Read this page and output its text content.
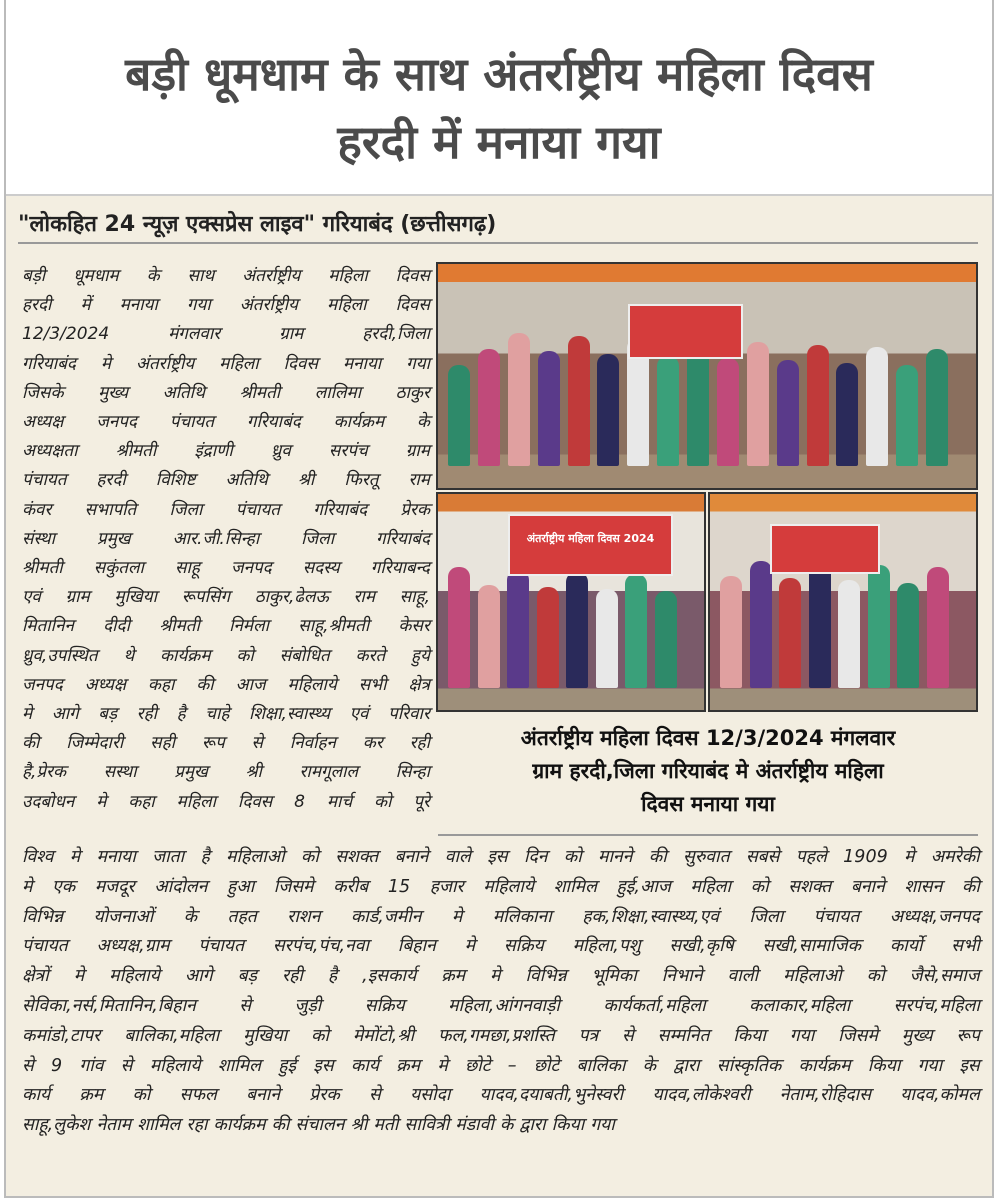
बड़ी धूमधाम के साथ अंतर्राष्ट्रीय महिला दिवस
हरदी में मनाया गया
"लोकहित 24 न्यूज़ एक्सप्रेस लाइव" गरियाबंद (छत्तीसगढ़)
बड़ी धूमधाम के साथ अंतर्राष्ट्रीय महिला दिवस
हरदी में मनाया गया अंतर्राष्ट्रीय महिला दिवस
12/3/2024	मंगलवार	ग्राम	हरदी,जिला
गरियाबंद मे अंतर्राष्ट्रीय महिला दिवस मनाया गया
जिसके मुख्य अतिथि श्रीमती लालिमा ठाकुर
अध्यक्ष जनपद पंचायत गरियाबंद कार्यक्रम के
अध्यक्षता श्रीमती इंद्राणी ध्रुव सरपंच ग्राम
पंचायत हरदी विशिष्ट अतिथि श्री फिरतू राम
कंवर सभापति जिला पंचायत गरियाबंद प्रेरक
संस्था प्रमुख आर.जी.सिन्हा जिला गरियाबंद
श्रीमती सकुंतला साहू जनपद सदस्य गरियाबन्द
एवं ग्राम मुखिया रूपसिंग ठाकुर,ढेलऊ राम साहू,
मितानिन दीदी श्रीमती निर्मला साहू,श्रीमती केसर
ध्रुव,उपस्थित थे कार्यक्रम को संबोधित करते हुये
जनपद अध्यक्ष कहा की आज महिलाये सभी क्षेत्र
मे आगे बड़ रही है चाहे शिक्षा,स्वास्थ्य एवं परिवार
की जिम्मेदारी सही रूप से निर्वाहन कर रही
है,प्रेरक सस्था प्रमुख श्री रामगूलाल सिन्हा
उदबोधन मे कहा महिला दिवस 8 मार्च को पूरे
अंतर्राष्ट्रीय महिला दिवस 2024
अंतर्राष्ट्रीय महिला दिवस 12/3/2024 मंगलवार
ग्राम हरदी,जिला गरियाबंद मे अंतर्राष्ट्रीय महिला
दिवस मनाया गया
विश्व मे मनाया जाता है महिलाओ को सशक्त बनाने वाले इस दिन को मानने की सुरुवात सबसे पहले 1909 मे अमरेकी
मे एक मजदूर आंदोलन हुआ जिसमे करीब 15 हजार महिलाये शामिल हुई,आज महिला को सशक्त बनाने शासन की
विभिन्न योजनाओं के तहत राशन कार्ड,जमीन मे मलिकाना हक,शिक्षा,स्वास्थ्य,एवं जिला पंचायत अध्यक्ष,जनपद
पंचायत अध्यक्ष,ग्राम पंचायत सरपंच,पंच,नवा बिहान मे सक्रिय महिला,पशु सखी,कृषि सखी,सामाजिक कार्यो सभी
क्षेत्रों मे महिलाये आगे बड़ रही है ,इसकार्य क्रम मे विभिन्न भूमिका निभाने वाली महिलाओ को जैसे,समाज
सेविका,नर्स,मितानिन,बिहान से जुड़ी सक्रिय महिला,आंगनवाड़ी कार्यकर्ता,महिला कलाकार,महिला सरपंच,महिला
कमांडो,टापर बालिका,महिला मुखिया को मेमोंटो,श्री फल,गमछा,प्रशस्ति पत्र से सम्मनित किया गया जिसमे मुख्य रूप
से 9 गांव से महिलाये शामिल हुई इस कार्य क्रम मे छोटे – छोटे बालिका के द्वारा सांस्कृतिक कार्यक्रम किया गया इस
कार्य क्रम को सफल बनाने प्रेरक से यसोदा यादव,दयाबती,भुनेस्वरी यादव,लोकेश्वरी नेताम,रोहिदास यादव,कोमल
साहू,लुकेश नेताम शामिल रहा कार्यक्रम की संचालन श्री मती सावित्री मंडावी के द्वारा किया गया
